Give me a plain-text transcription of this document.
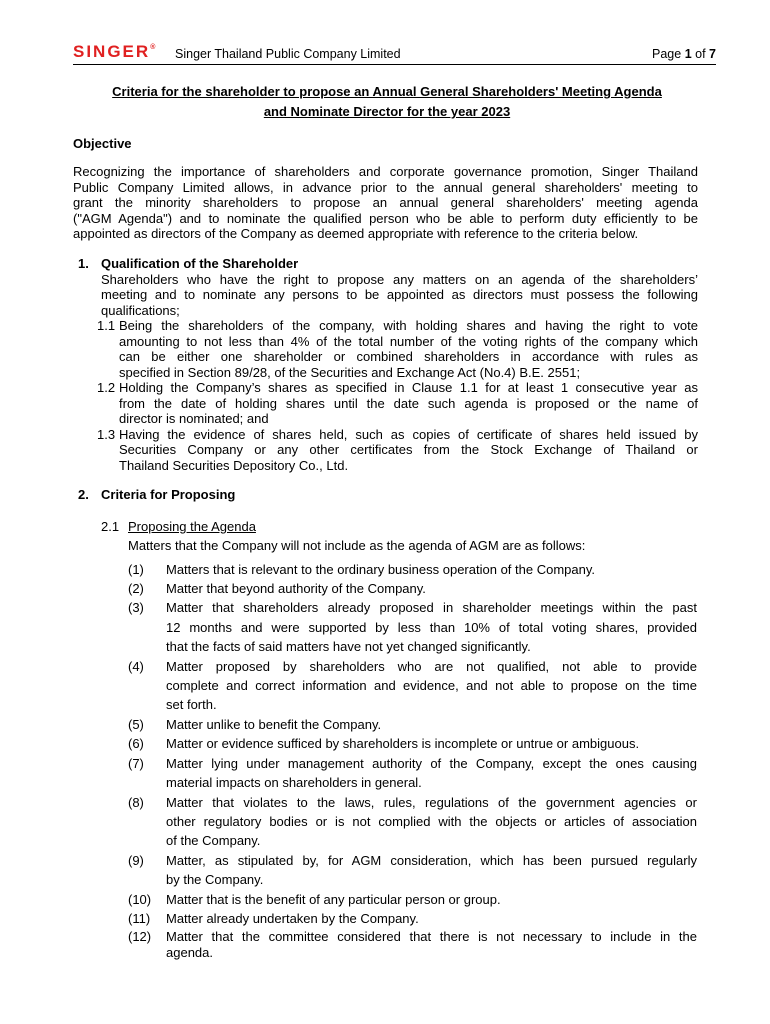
SINGER® Singer Thailand Public Company Limited	Page 1 of 7
Criteria for the shareholder to propose an Annual General Shareholders' Meeting Agenda
and Nominate Director for the year 2023
Objective
Recognizing the importance of shareholders and corporate governance promotion, Singer Thailand
Public Company Limited allows, in advance prior to the annual general shareholders' meeting to
grant the minority shareholders to propose an annual general shareholders' meeting agenda
("AGM Agenda") and to nominate the qualified person who be able to perform duty efficiently to be
appointed as directors of the Company as deemed appropriate with reference to the criteria below.
1. Qualification of the Shareholder
Shareholders who have the right to propose any matters on an agenda of the shareholders’
meeting and to nominate any persons to be appointed as directors must possess the following
qualifications;
1.1 Being the shareholders of the company, with holding shares and having the right to vote
amounting to not less than 4% of the total number of the voting rights of the company which
can be either one shareholder or combined shareholders in accordance with rules as
specified in Section 89/28, of the Securities and Exchange Act (No.4) B.E. 2551;
1.2 Holding the Company’s shares as specified in Clause 1.1 for at least 1 consecutive year as
from the date of holding shares until the date such agenda is proposed or the name of
director is nominated; and
1.3 Having the evidence of shares held, such as copies of certificate of shares held issued by
Securities Company or any other certificates from the Stock Exchange of Thailand or
Thailand Securities Depository Co., Ltd.
2. Criteria for Proposing
2.1 Proposing the Agenda
Matters that the Company will not include as the agenda of AGM are as follows:
(1) Matters that is relevant to the ordinary business operation of the Company.
(2) Matter that beyond authority of the Company.
(3) Matter that shareholders already proposed in shareholder meetings within the past
12 months and were supported by less than 10% of total voting shares, provided
that the facts of said matters have not yet changed significantly.
(4) Matter proposed by shareholders who are not qualified, not able to provide
complete and correct information and evidence, and not able to propose on the time
set forth.
(5) Matter unlike to benefit the Company.
(6) Matter or evidence sufficed by shareholders is incomplete or untrue or ambiguous.
(7) Matter lying under management authority of the Company, except the ones causing
material impacts on shareholders in general.
(8) Matter that violates to the laws, rules, regulations of the government agencies or
other regulatory bodies or is not complied with the objects or articles of association
of the Company.
(9) Matter, as stipulated by, for AGM consideration, which has been pursued regularly
by the Company.
(10) Matter that is the benefit of any particular person or group.
(11) Matter already undertaken by the Company.
(12) Matter that the committee considered that there is not necessary to include in the
agenda.
